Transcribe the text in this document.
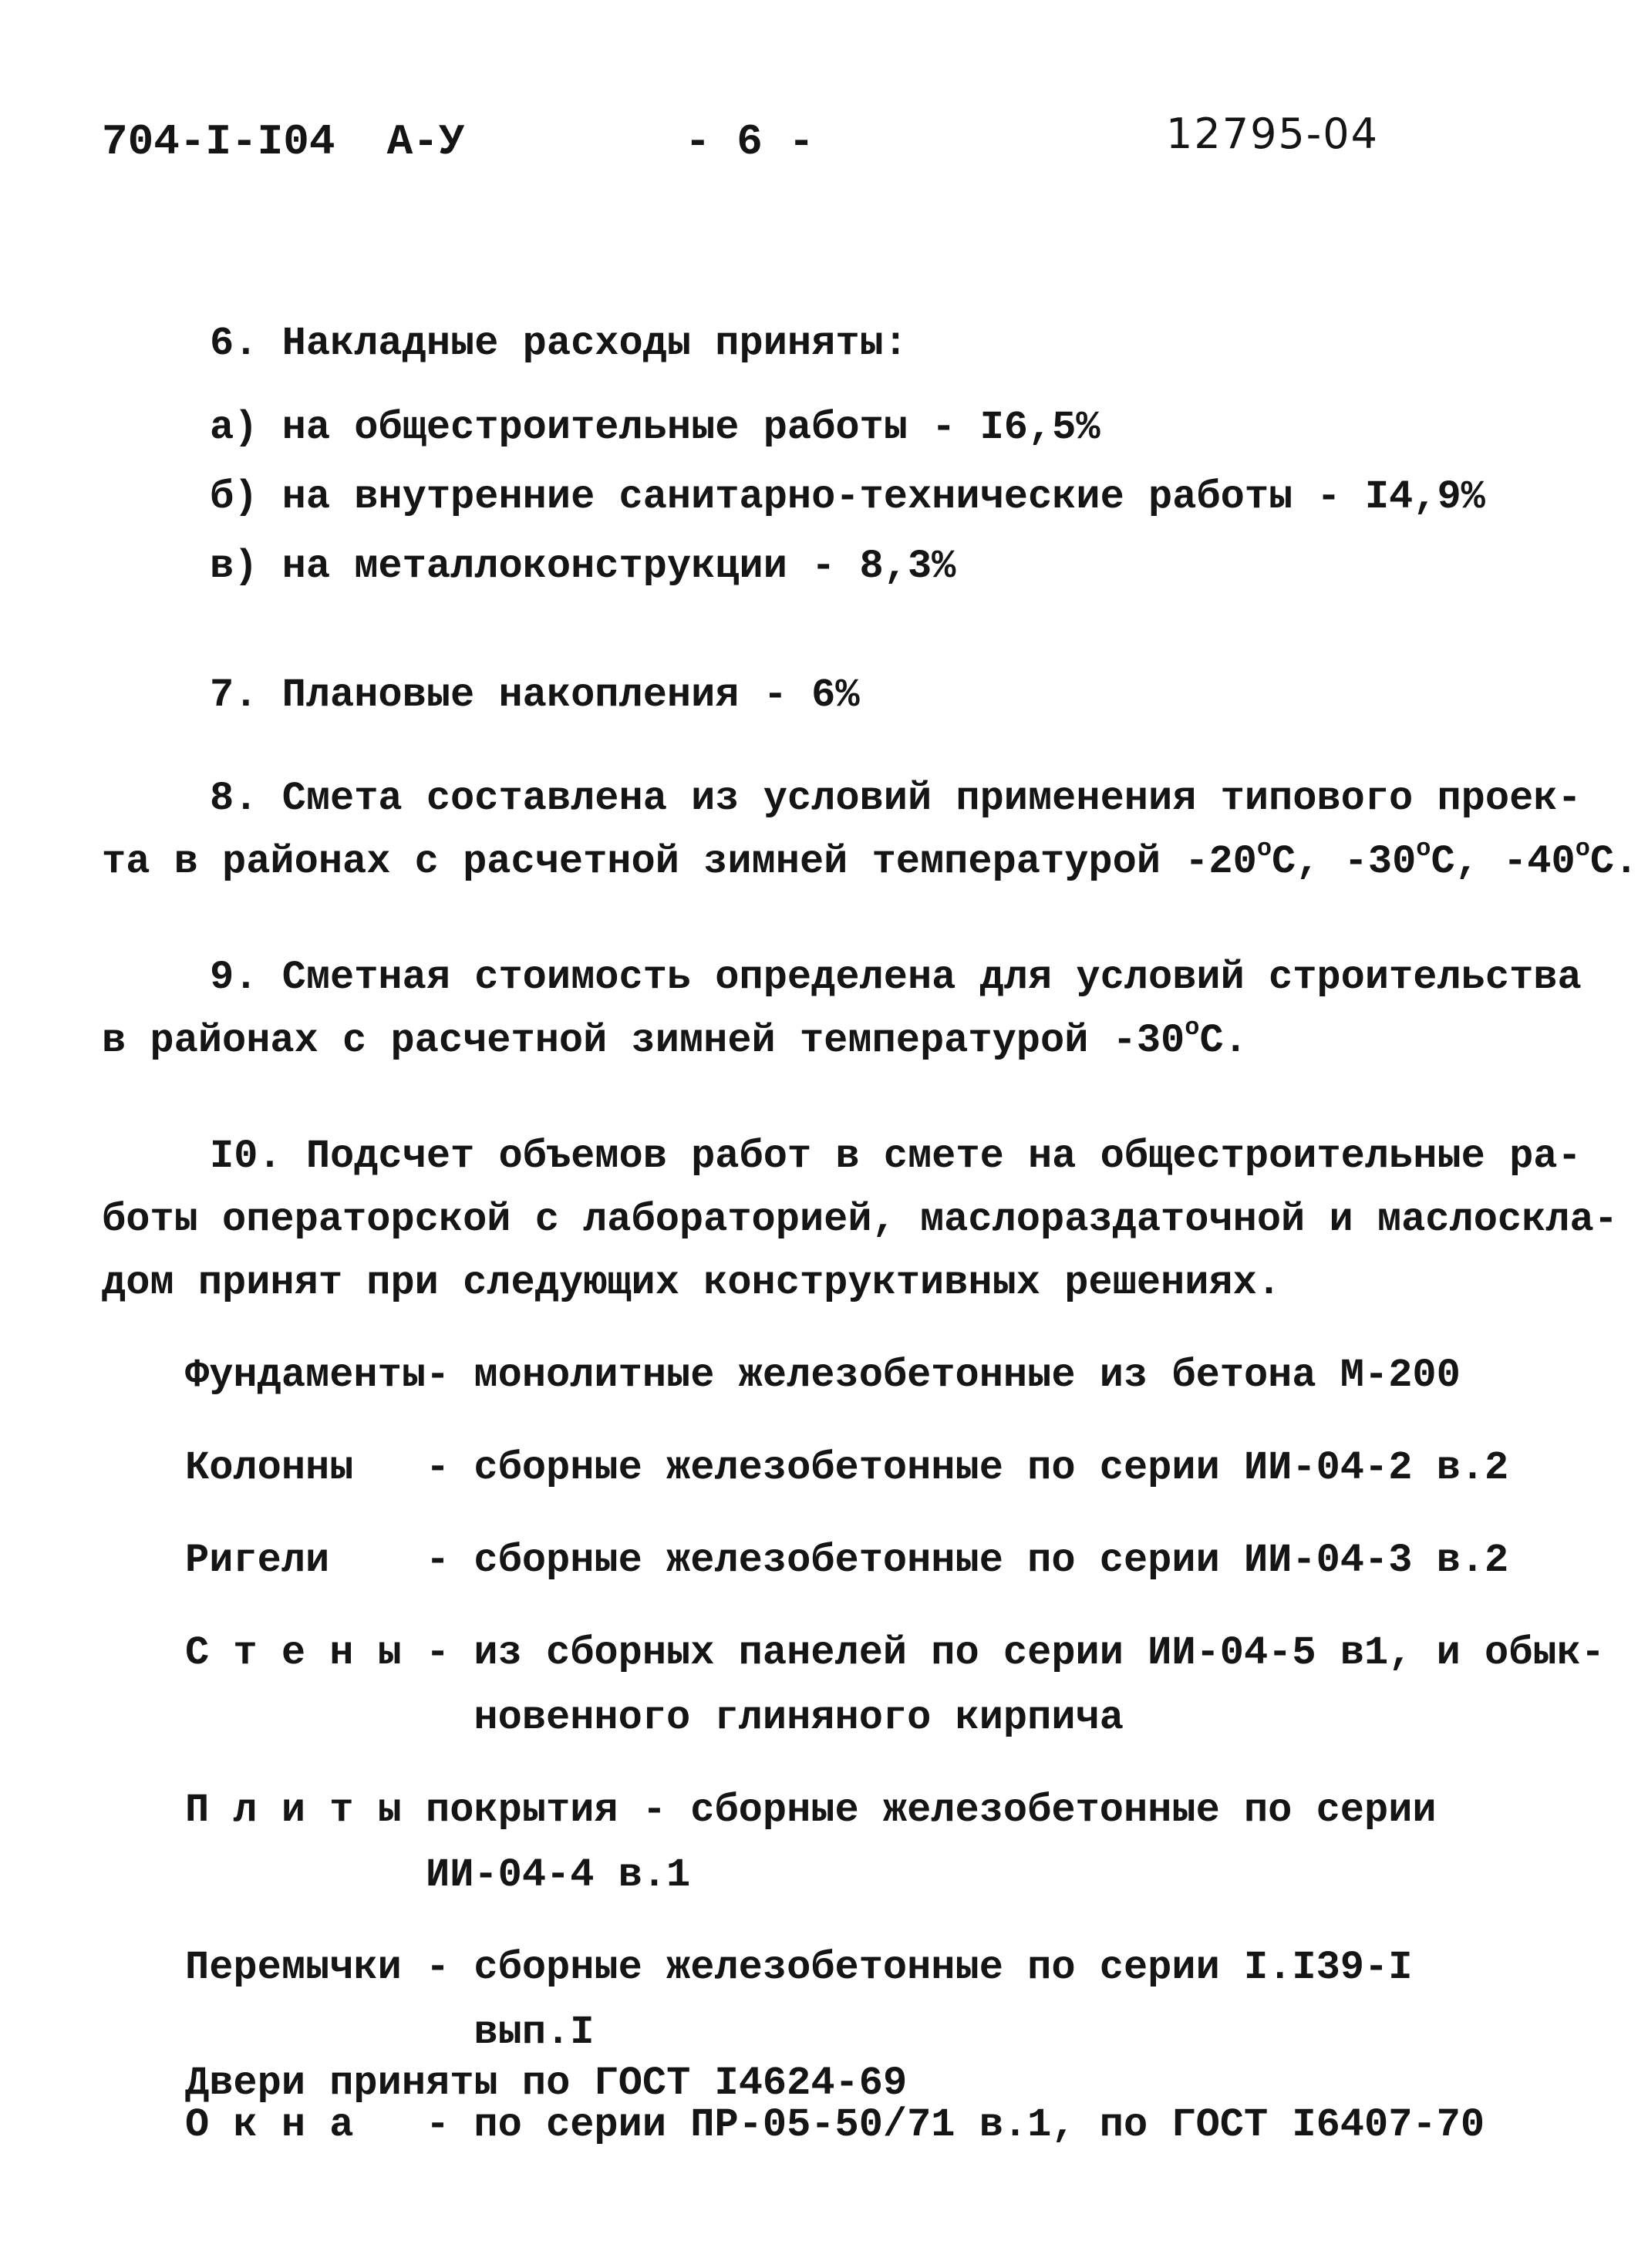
704-I-I04  А-У	- 6 -	12795-04
6. Накладные расходы приняты:
а) на общестроительные работы - I6,5%
б) на внутренние санитарно-технические работы - I4,9%
в) на металлоконструкции - 8,3%
7. Плановые накопления - 6%
8. Смета составлена из условий применения типового проек-
та в районах с расчетной зимней температурой $-20^оС$, $-30^оС$, $-40^оС$.
9. Сметная стоимость определена для условий строительства
в районах с расчетной зимней температурой $-30^оС$.
I0. Подсчет объемов работ в смете на общестроительные ра-
боты операторской с лабораторией, маслораздаточной и маслоскла-
дом принят при следующих конструктивных решениях.
Фундаменты - монолитные железобетонные из бетона М-200
Колонны	- сборные железобетонные по серии ИИ-04-2 в.2
Ригели	- сборные железобетонные по серии ИИ-04-3 в.2
С т е н ы - из сборных панелей по серии ИИ-04-5 в1, и обык-
новенного глиняного кирпича
П л и т ы покрытия - сборные железобетонные по серии
ИИ-04-4 в.1
Перемычки - сборные железобетонные по серии I.I39-I
вып.I
О к н а	- по серии ПР-05-50/71 в.1, по ГОСТ I6407-70
Двери приняты по ГОСТ I4624-69
